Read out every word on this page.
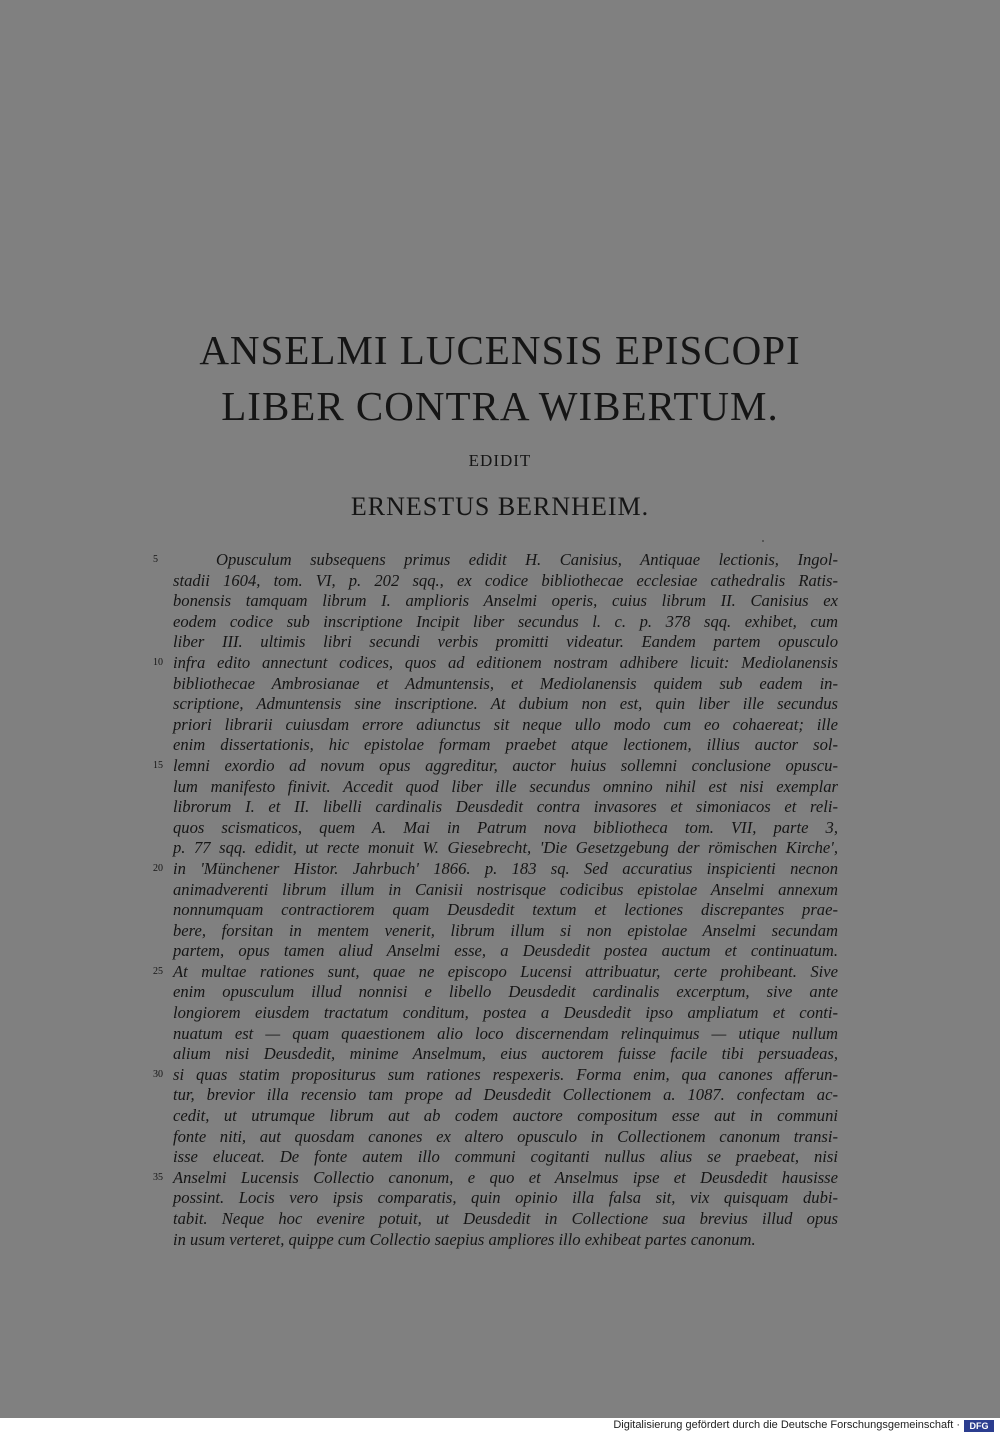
ANSELMI LUCENSIS EPISCOPI
LIBER CONTRA WIBERTUM.
EDIDIT
ERNESTUS BERNHEIM.
5	Opusculum subsequens primus edidit H. Canisius, Antiquae lectionis, Ingol-
stadii 1604, tom. VI, p. 202 sqq., ex codice bibliothecae ecclesiae cathedralis Ratis-
bonensis tamquam librum I. amplioris Anselmi operis, cuius librum II. Canisius ex
eodem codice sub inscriptione Incipit liber secundus l. c. p. 378 sqq. exhibet, cum
liber III. ultimis libri secundi verbis promitti videatur. Eandem partem opusculo
10 infra edito annectunt codices, quos ad editionem nostram adhibere licuit: Mediolanensis
bibliothecae Ambrosianae et Admuntensis, et Mediolanensis quidem sub eadem in-
scriptione, Admuntensis sine inscriptione. At dubium non est, quin liber ille secundus
priori librarii cuiusdam errore adiunctus sit neque ullo modo cum eo cohaereat; ille
enim dissertationis, hic epistolae formam praebet atque lectionem, illius auctor sol-
15 lemni exordio ad novum opus aggreditur, auctor huius sollemni conclusione opuscu-
lum manifesto finivit. Accedit quod liber ille secundus omnino nihil est nisi exemplar
librorum I. et II. libelli cardinalis Deusdedit contra invasores et simoniacos et reli-
quos scismaticos, quem A. Mai in Patrum nova bibliotheca tom. VII, parte 3,
p. 77 sqq. edidit, ut recte monuit W. Giesebrecht, 'Die Gesetzgebung der römischen Kirche',
20 in 'Münchener Histor. Jahrbuch' 1866. p. 183 sq. Sed accuratius inspicienti necnon
animadverenti librum illum in Canisii nostrisque codicibus epistolae Anselmi annexum
nonnumquam contractiorem quam Deusdedit textum et lectiones discrepantes prae-
bere, forsitan in mentem venerit, librum illum si non epistolae Anselmi secundam
partem, opus tamen aliud Anselmi esse, a Deusdedit postea auctum et continuatum.
25 At multae rationes sunt, quae ne episcopo Lucensi attribuatur, certe prohibeant. Sive
enim opusculum illud nonnisi e libello Deusdedit cardinalis excerptum, sive ante
longiorem eiusdem tractatum conditum, postea a Deusdedit ipso ampliatum et conti-
nuatum est — quam quaestionem alio loco discernendam relinquimus — utique nullum
alium nisi Deusdedit, minime Anselmum, eius auctorem fuisse facile tibi persuadeas,
30 si quas statim propositurus sum rationes respexeris. Forma enim, qua canones afferun-
tur, brevior illa recensio tam prope ad Deusdedit Collectionem a. 1087. confectam ac-
cedit, ut utrumque librum aut ab codem auctore compositum esse aut in communi
fonte niti, aut quosdam canones ex altero opusculo in Collectionem canonum transi-
isse eluceat. De fonte autem illo communi cogitanti nullus alius se praebeat, nisi
35 Anselmi Lucensis Collectio canonum, e quo et Anselmus ipse et Deusdedit hausisse
possint. Locis vero ipsis comparatis, quin opinio illa falsa sit, vix quisquam dubi-
tabit. Neque hoc evenire potuit, ut Deusdedit in Collectione sua brevius illud opus
in usum verteret, quippe cum Collectio saepius ampliores illo exhibeat partes canonum.
Digitalisierung gefördert durch die Deutsche Forschungsgemeinschaft ·	DFG
